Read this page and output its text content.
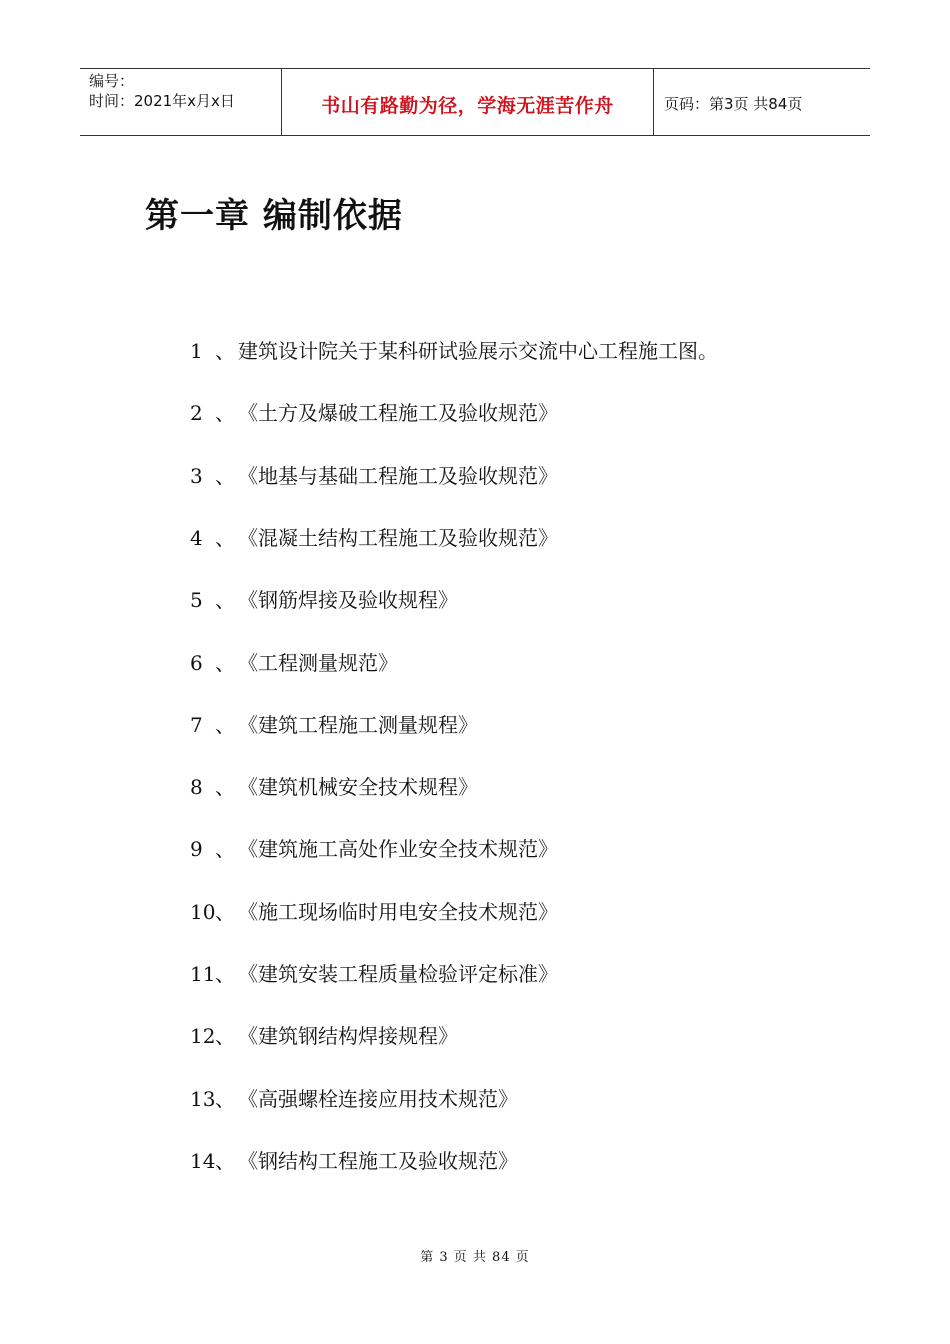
编号：
时间：2021年x月x日	书山有路勤为径，学海无涯苦作舟	页码：第3页 共84页
第一章 编制依据
1 、 建筑设计院关于某科研试验展示交流中心工程施工图。
2 、 《土方及爆破工程施工及验收规范》
3 、 《地基与基础工程施工及验收规范》
4 、 《混凝土结构工程施工及验收规范》
5 、 《钢筋焊接及验收规程》
6 、 《工程测量规范》
7 、 《建筑工程施工测量规程》
8 、 《建筑机械安全技术规程》
9 、 《建筑施工高处作业安全技术规范》
10、 《施工现场临时用电安全技术规范》
11、 《建筑安装工程质量检验评定标准》
12、 《建筑钢结构焊接规程》
13、 《高强螺栓连接应用技术规范》
14、 《钢结构工程施工及验收规范》
第 3 页 共 84 页
